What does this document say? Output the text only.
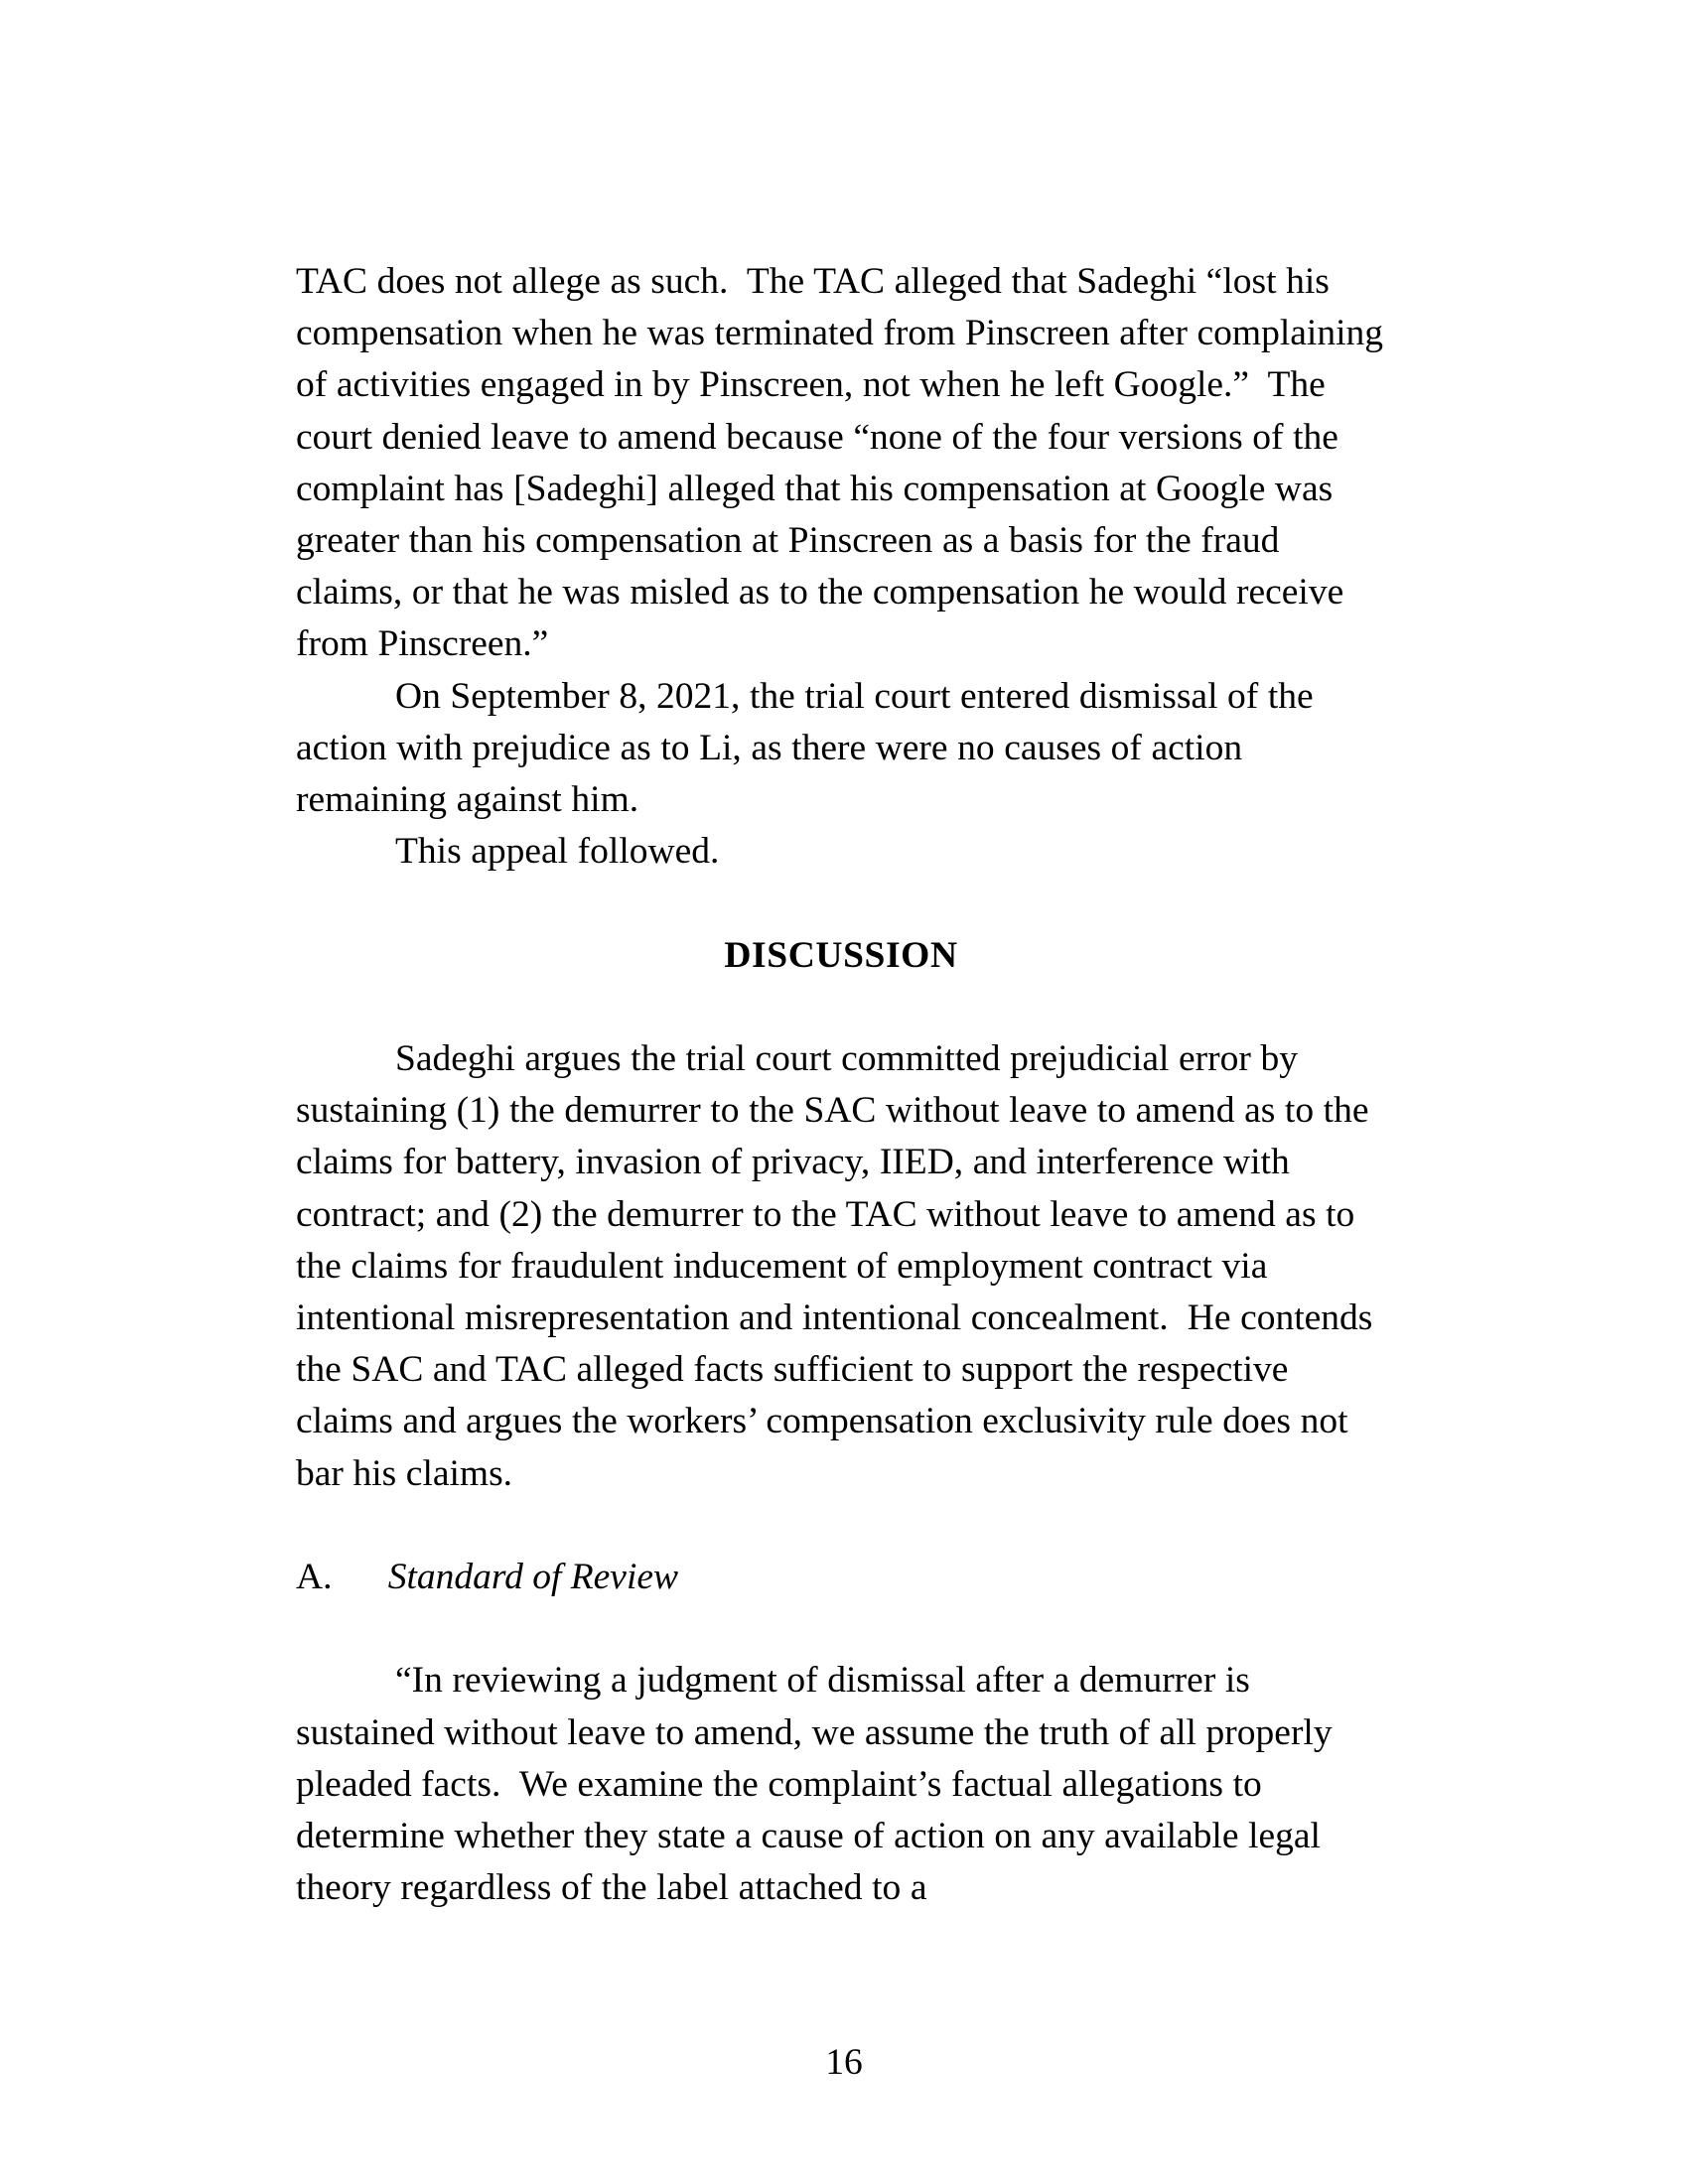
TAC does not allege as such.  The TAC alleged that Sadeghi “lost his compensation when he was terminated from Pinscreen after complaining of activities engaged in by Pinscreen, not when he left Google.”  The court denied leave to amend because “none of the four versions of the complaint has [Sadeghi] alleged that his compensation at Google was greater than his compensation at Pinscreen as a basis for the fraud claims, or that he was misled as to the compensation he would receive from Pinscreen.”

On September 8, 2021, the trial court entered dismissal of the action with prejudice as to Li, as there were no causes of action remaining against him.

This appeal followed.

DISCUSSION

Sadeghi argues the trial court committed prejudicial error by sustaining (1) the demurrer to the SAC without leave to amend as to the claims for battery, invasion of privacy, IIED, and interference with contract; and (2) the demurrer to the TAC without leave to amend as to the claims for fraudulent inducement of employment contract via intentional misrepresentation and intentional concealment.  He contends the SAC and TAC alleged facts sufficient to support the respective claims and argues the workers’ compensation exclusivity rule does not bar his claims.

A. Standard of Review

“In reviewing a judgment of dismissal after a demurrer is sustained without leave to amend, we assume the truth of all properly pleaded facts.  We examine the complaint’s factual allegations to determine whether they state a cause of action on any available legal theory regardless of the label attached to a

16
